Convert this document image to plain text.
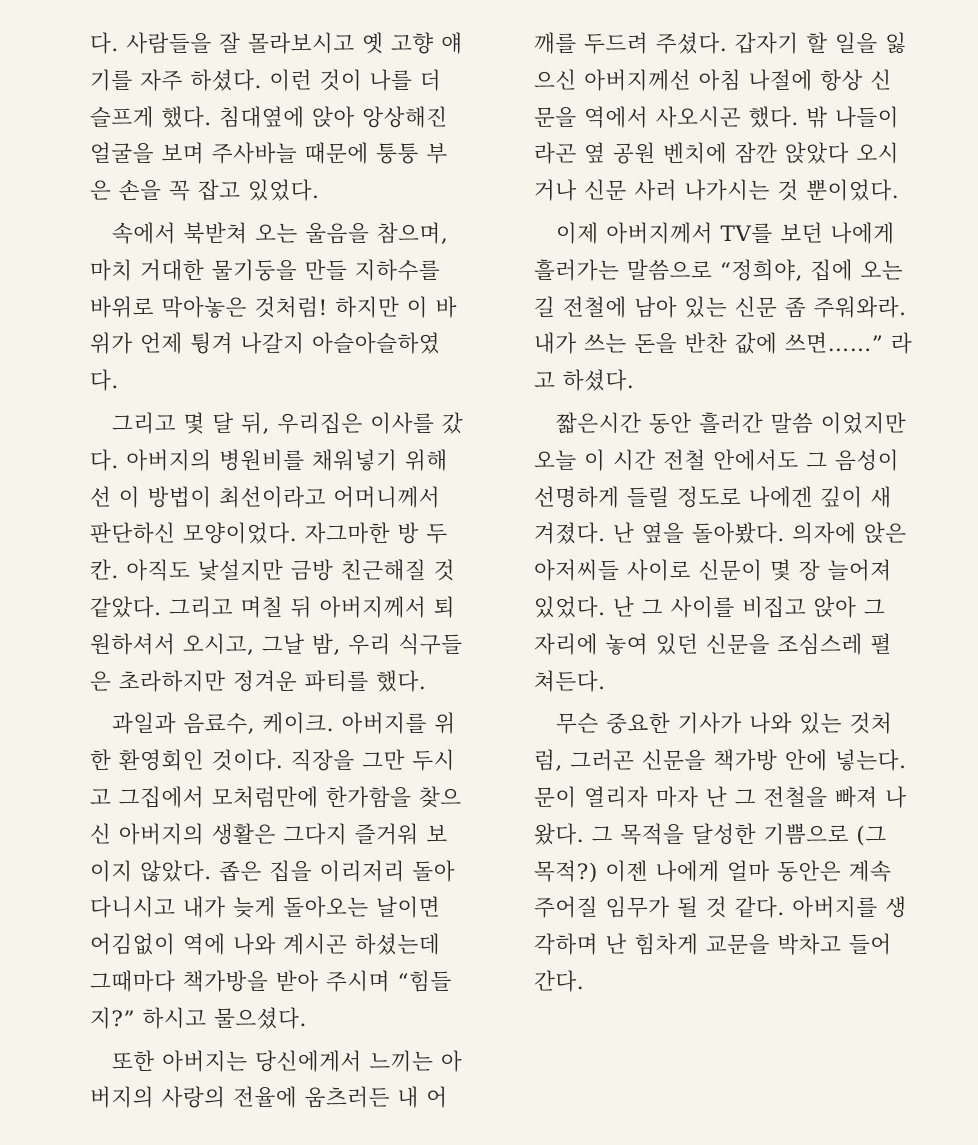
다. 사람들을 잘 몰라보시고 옛 고향 얘
기를 자주 하셨다. 이런 것이 나를 더
슬프게 했다. 침대옆에 앉아 앙상해진
얼굴을 보며 주사바늘 때문에 퉁퉁 부
은 손을 꼭 잡고 있었다.
속에서 북받쳐 오는 울음을 참으며,
마치 거대한 물기둥을 만들 지하수를
바위로 막아놓은 것처럼! 하지만 이 바
위가 언제 튕겨 나갈지 아슬아슬하였
다.
그리고 몇 달 뒤, 우리집은 이사를 갔
다. 아버지의 병원비를 채워넣기 위해
선 이 방법이 최선이라고 어머니께서
판단하신 모양이었다. 자그마한 방 두
칸. 아직도 낯설지만 금방 친근해질 것
같았다. 그리고 며칠 뒤 아버지께서 퇴
원하셔서 오시고, 그날 밤, 우리 식구들
은 초라하지만 정겨운 파티를 했다.
과일과 음료수, 케이크. 아버지를 위
한 환영회인 것이다. 직장을 그만 두시
고 그집에서 모처럼만에 한가함을 찾으
신 아버지의 생활은 그다지 즐거워 보
이지 않았다. 좁은 집을 이리저리 돌아
다니시고 내가 늦게 돌아오는 날이면
어김없이 역에 나와 계시곤 하셨는데
그때마다 책가방을 받아 주시며 “힘들
지?” 하시고 물으셨다.
또한 아버지는 당신에게서 느끼는 아
버지의 사랑의 전율에 움츠러든 내 어
깨를 두드려 주셨다. 갑자기 할 일을 잃
으신 아버지께선 아침 나절에 항상 신
문을 역에서 사오시곤 했다. 밖 나들이
라곤 옆 공원 벤치에 잠깐 앉았다 오시
거나 신문 사러 나가시는 것 뿐이었다.
이제 아버지께서 TV를 보던 나에게
흘러가는 말씀으로 “정희야, 집에 오는
길 전철에 남아 있는 신문 좀 주워와라.
내가 쓰는 돈을 반찬 값에 쓰면……” 라
고 하셨다.
짧은시간 동안 흘러간 말씀 이었지만
오늘 이 시간 전철 안에서도 그 음성이
선명하게 들릴 정도로 나에겐 깊이 새
겨졌다. 난 옆을 돌아봤다. 의자에 앉은
아저씨들 사이로 신문이 몇 장 늘어져
있었다. 난 그 사이를 비집고 앉아 그
자리에 놓여 있던 신문을 조심스레 펼
쳐든다.
무슨 중요한 기사가 나와 있는 것처
럼, 그러곤 신문을 책가방 안에 넣는다.
문이 열리자 마자 난 그 전철을 빠져 나
왔다. 그 목적을 달성한 기쁨으로 (그
목적?) 이젠 나에게 얼마 동안은 계속
주어질 임무가 될 것 같다. 아버지를 생
각하며 난 힘차게 교문을 박차고 들어
간다.
